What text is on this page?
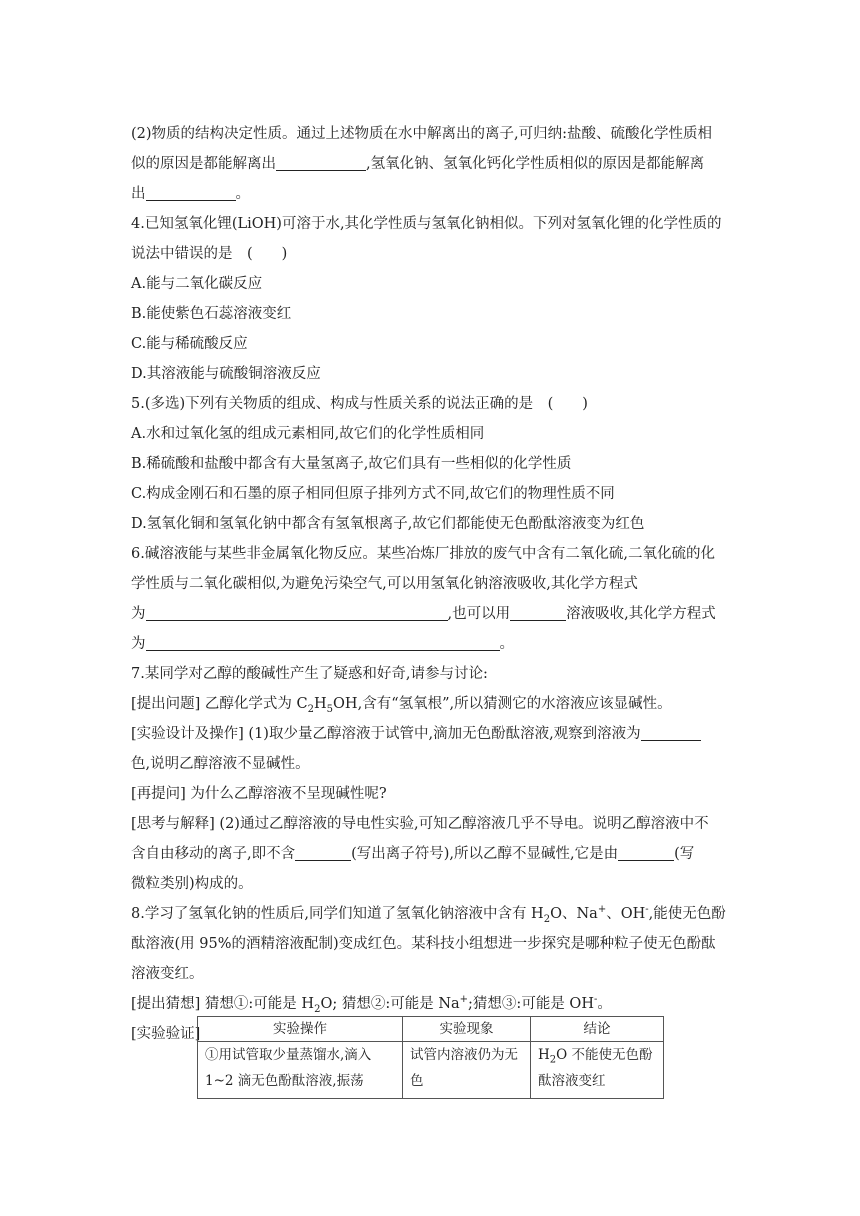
(2)物质的结构决定性质。通过上述物质在水中解离出的离子,可归纳:盐酸、硫酸化学性质相
似的原因是都能解离出	,氢氧化钠、氢氧化钙化学性质相似的原因是都能解离
出	。
4.已知氢氧化锂(LiOH)可溶于水,其化学性质与氢氧化钠相似。下列对氢氧化锂的化学性质的
说法中错误的是　(　　)
A.能与二氧化碳反应
B.能使紫色石蕊溶液变红
C.能与稀硫酸反应
D.其溶液能与硫酸铜溶液反应
5.(多选)下列有关物质的组成、构成与性质关系的说法正确的是　(　　)
A.水和过氧化氢的组成元素相同,故它们的化学性质相同
B.稀硫酸和盐酸中都含有大量氢离子,故它们具有一些相似的化学性质
C.构成金刚石和石墨的原子相同但原子排列方式不同,故它们的物理性质不同
D.氢氧化铜和氢氧化钠中都含有氢氧根离子,故它们都能使无色酚酞溶液变为红色
6.碱溶液能与某些非金属氧化物反应。某些冶炼厂排放的废气中含有二氧化硫,二氧化硫的化
学性质与二氧化碳相似,为避免污染空气,可以用氢氧化钠溶液吸收,其化学方程式
为	,也可以用	溶液吸收,其化学方程式
为	。
7.某同学对乙醇的酸碱性产生了疑惑和好奇,请参与讨论:
[提出问题] 乙醇化学式为 $C_2H_5OH$,含有“氢氧根”,所以猜测它的水溶液应该显碱性。
[实验设计及操作] (1)取少量乙醇溶液于试管中,滴加无色酚酞溶液,观察到溶液为
色,说明乙醇溶液不显碱性。
[再提问] 为什么乙醇溶液不呈现碱性呢?
[思考与解释] (2)通过乙醇溶液的导电性实验,可知乙醇溶液几乎不导电。说明乙醇溶液中不
含自由移动的离子,即不含	(写出离子符号),所以乙醇不显碱性,它是由	(写
微粒类别)构成的。
8.学习了氢氧化钠的性质后,同学们知道了氢氧化钠溶液中含有 $H_2O$、Na+、OH-,能使无色酚
酞溶液(用 95%的酒精溶液配制)变成红色。某科技小组想进一步探究是哪种粒子使无色酚酞
溶液变红。
[提出猜想] 猜想①:可能是 $H_2O$; 猜想②:可能是 Na+;猜想③:可能是 OH-。
[实验验证]	实验操作	实验现象	结论
①用试管取少量蒸馏水,滴入
1~2 滴无色酚酞溶液,振荡	试管内溶液仍为无
色	$H_2O$ 不能使无色酚
酞溶液变红
